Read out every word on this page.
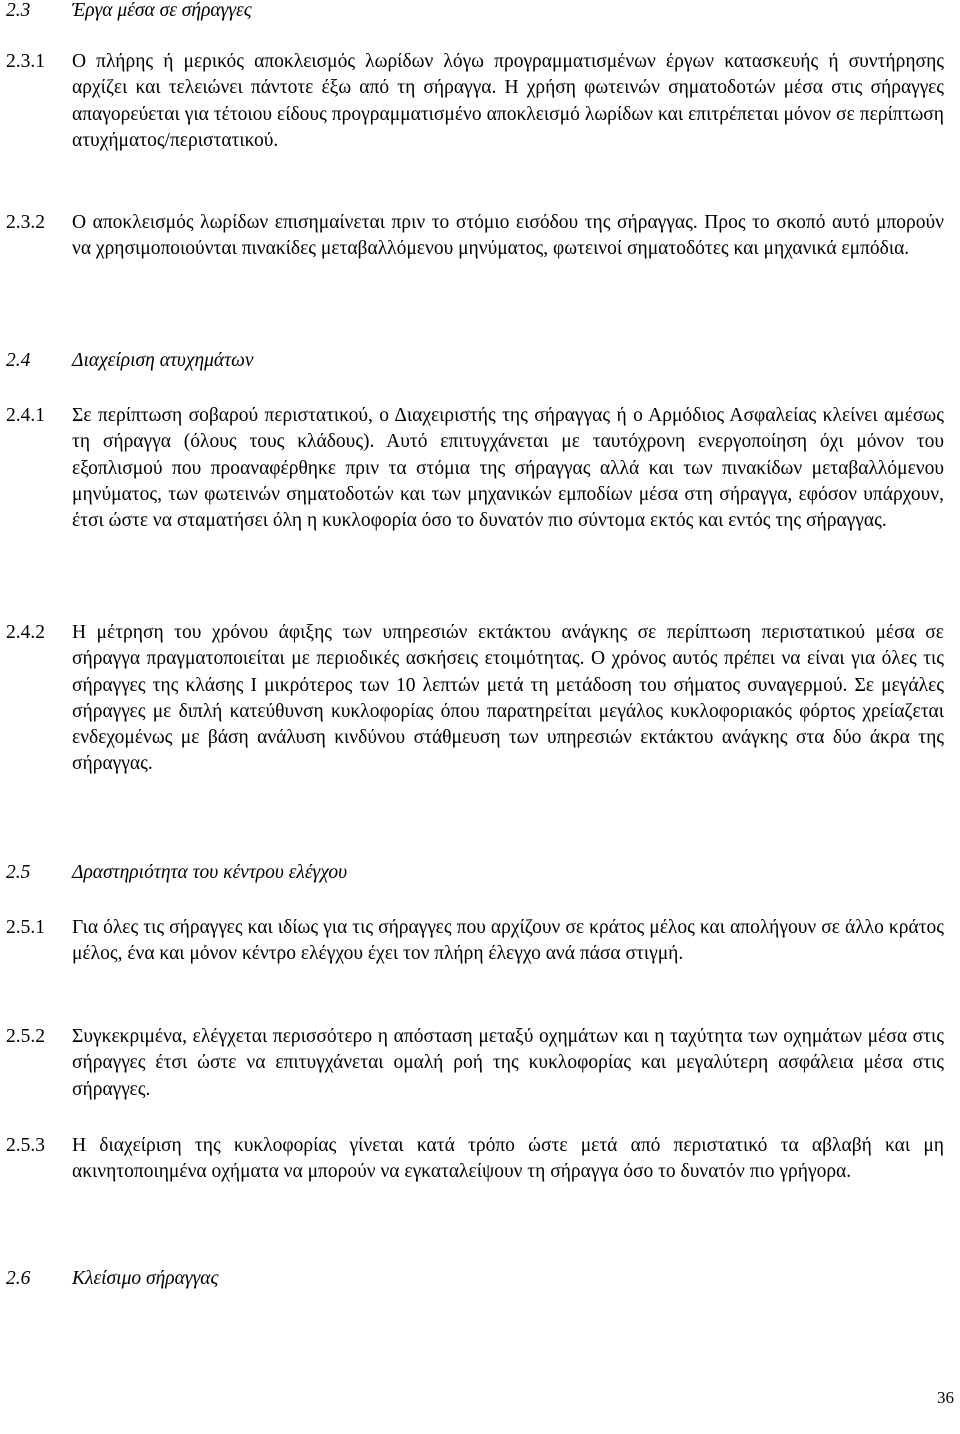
2.3 Έργα μέσα σε σήραγγες
2.3.1	Ο πλήρης ή μερικός αποκλεισμός λωρίδων λόγω προγραμματισμένων έργων κατασκευής ή συντήρησης αρχίζει και τελειώνει πάντοτε έξω από τη σήραγγα. Η χρήση φωτεινών σηματοδοτών μέσα στις σήραγγες απαγορεύεται για τέτοιου είδους προγραμματισμένο αποκλεισμό λωρίδων και επιτρέπεται μόνον σε περίπτωση ατυχήματος/περιστατικού.
2.3.2	Ο αποκλεισμός λωρίδων επισημαίνεται πριν το στόμιο εισόδου της σήραγγας. Προς το σκοπό αυτό μπορούν να χρησιμοποιούνται πινακίδες μεταβαλλόμενου μηνύματος, φωτεινοί σηματοδότες και μηχανικά εμπόδια.
2.4 Διαχείριση ατυχημάτων
2.4.1	Σε περίπτωση σοβαρού περιστατικού, ο Διαχειριστής της σήραγγας ή ο Αρμόδιος Ασφαλείας κλείνει αμέσως τη σήραγγα (όλους τους κλάδους). Αυτό επιτυγχάνεται με ταυτόχρονη ενεργοποίηση όχι μόνον του εξοπλισμού που προαναφέρθηκε πριν τα στόμια της σήραγγας αλλά και των πινακίδων μεταβαλλόμενου μηνύματος, των φωτεινών σηματοδοτών και των μηχανικών εμποδίων μέσα στη σήραγγα, εφόσον υπάρχουν, έτσι ώστε να σταματήσει όλη η κυκλοφορία όσο το δυνατόν πιο σύντομα εκτός και εντός της σήραγγας.
2.4.2	Η μέτρηση του χρόνου άφιξης των υπηρεσιών εκτάκτου ανάγκης σε περίπτωση περιστατικού μέσα σε σήραγγα πραγματοποιείται με περιοδικές ασκήσεις ετοιμότητας. Ο χρόνος αυτός πρέπει να είναι για όλες τις σήραγγες της κλάσης I μικρότερος των 10 λεπτών μετά τη μετάδοση του σήματος συναγερμού. Σε μεγάλες σήραγγες με διπλή κατεύθυνση κυκλοφορίας όπου παρατηρείται μεγάλος κυκλοφοριακός φόρτος χρείαζεται ενδεχομένως με βάση ανάλυση κινδύνου στάθμευση των υπηρεσιών εκτάκτου ανάγκης στα δύο άκρα της σήραγγας.
2.5 Δραστηριότητα του κέντρου ελέγχου
2.5.1	Για όλες τις σήραγγες και ιδίως για τις σήραγγες που αρχίζουν σε κράτος μέλος και απολήγουν σε άλλο κράτος μέλος, ένα και μόνον κέντρο ελέγχου έχει τον πλήρη έλεγχο ανά πάσα στιγμή.
2.5.2	Συγκεκριμένα, ελέγχεται περισσότερο η απόσταση μεταξύ οχημάτων και η ταχύτητα των οχημάτων μέσα στις σήραγγες έτσι ώστε να επιτυγχάνεται ομαλή ροή της κυκλοφορίας και μεγαλύτερη ασφάλεια μέσα στις σήραγγες.
2.5.3	Η διαχείριση της κυκλοφορίας γίνεται κατά τρόπο ώστε μετά από περιστατικό τα αβλαβή και μη ακινητοποιημένα οχήματα να μπορούν να εγκαταλείψουν τη σήραγγα όσο το δυνατόν πιο γρήγορα.
2.6 Κλείσιμο σήραγγας
36
